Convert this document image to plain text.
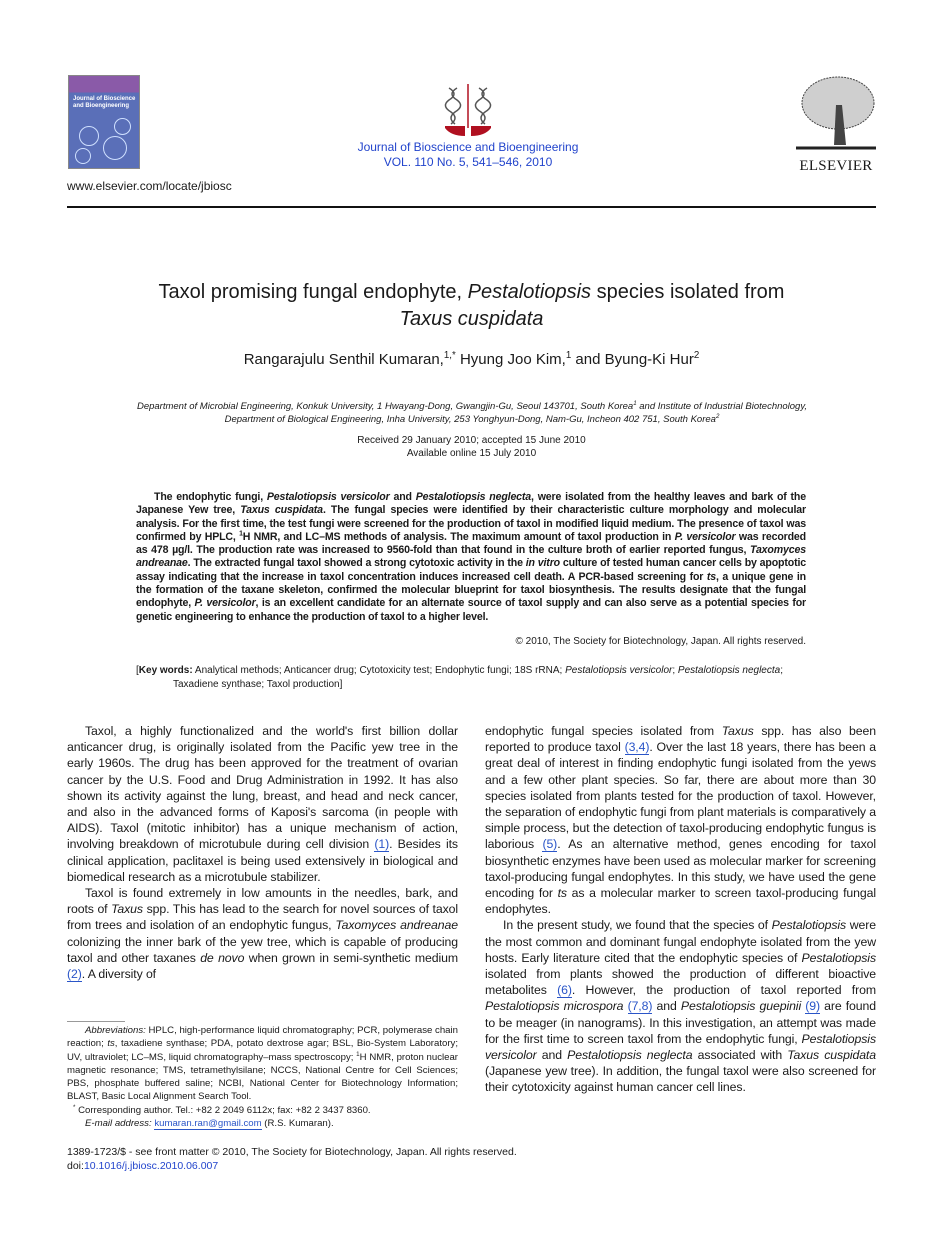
Journal of Bioscience and Bioengineering
Journal of Bioscience and Bioengineering
VOL. 110 No. 5, 541–546, 2010	ELSEVIER
www.elsevier.com/locate/jbiosc
Taxol promising fungal endophyte, Pestalotiopsis species isolated from
Taxus cuspidata
Rangarajulu Senthil Kumaran,$^{1,*}$ Hyung Joo Kim,$^1$ and Byung-Ki Hur$^2$
Department of Microbial Engineering, Konkuk University, 1 Hwayang-Dong, Gwangjin-Gu, Seoul 143701, South Korea$^1$ and Institute of Industrial Biotechnology, Department of Biological Engineering, Inha University, 253 Yonghyun-Dong, Nam-Gu, Incheon 402 751, South Korea$^2$
Received 29 January 2010; accepted 15 June 2010
Available online 15 July 2010
The endophytic fungi, Pestalotiopsis versicolor and Pestalotiopsis neglecta, were isolated from the healthy leaves and bark of the Japanese Yew tree, Taxus cuspidata. The fungal species were identified by their characteristic culture morphology and molecular analysis. For the first time, the test fungi were screened for the production of taxol in modified liquid medium. The presence of taxol was confirmed by HPLC, $^1$H NMR, and LC–MS methods of analysis. The maximum amount of taxol production in P. versicolor was recorded as 478 µg/l. The production rate was increased to 9560-fold than that found in the culture broth of earlier reported fungus, Taxomyces andreanae. The extracted fungal taxol showed a strong cytotoxic activity in the in vitro culture of tested human cancer cells by apoptotic assay indicating that the increase in taxol concentration induces increased cell death. A PCR-based screening for ts, a unique gene in the formation of the taxane skeleton, confirmed the molecular blueprint for taxol biosynthesis. The results designate that the fungal endophyte, P. versicolor, is an excellent candidate for an alternate source of taxol supply and can also serve as a potential species for genetic engineering to enhance the production of taxol to a higher level.
© 2010, The Society for Biotechnology, Japan. All rights reserved.
[Key words: Analytical methods; Anticancer drug; Cytotoxicity test; Endophytic fungi; 18S rRNA; Pestalotiopsis versicolor; Pestalotiopsis neglecta; Taxadiene synthase; Taxol production]

Taxol, a highly functionalized and the world's first billion dollar anticancer drug, is originally isolated from the Pacific yew tree in the early 1960s. The drug has been approved for the treatment of ovarian cancer by the U.S. Food and Drug Administration in 1992. It has also shown its activity against the lung, breast, and head and neck cancer, and also in the advanced forms of Kaposi's sarcoma (in people with AIDS). Taxol (mitotic inhibitor) has a unique mechanism of action, involving breakdown of microtubule during cell division (1). Besides its clinical application, paclitaxel is being used extensively in biological and biomedical research as a microtubule stabilizer.

Taxol is found extremely in low amounts in the needles, bark, and roots of Taxus spp. This has lead to the search for novel sources of taxol from trees and isolation of an endophytic fungus, Taxomyces andreanae colonizing the inner bark of the yew tree, which is capable of producing taxol and other taxanes de novo when grown in semi-synthetic medium (2). A diversity of

endophytic fungal species isolated from Taxus spp. has also been reported to produce taxol (3,4). Over the last 18 years, there has been a great deal of interest in finding endophytic fungi isolated from the yews and a few other plant species. So far, there are about more than 30 species isolated from plants tested for the production of taxol. However, the separation of endophytic fungi from plant materials is comparatively a simple process, but the detection of taxol-producing endophytic fungus is laborious (5). As an alternative method, genes encoding for taxol biosynthetic enzymes have been used as molecular marker for screening taxol-producing fungal endophytes. In this study, we have used the gene encoding for ts as a molecular marker to screen taxol-producing fungal endophytes.

In the present study, we found that the species of Pestalotiopsis were the most common and dominant fungal endophyte isolated from the yew hosts. Early literature cited that the endophytic species of Pestalotiopsis isolated from plants showed the production of different bioactive metabolites (6). However, the production of taxol reported from Pestalotiopsis microspora (7,8) and Pestalotiopsis guepinii (9) are found to be meager (in nanograms). In this investigation, an attempt was made for the first time to screen taxol from the endophytic fungi, Pestalotiopsis versicolor and Pestalotiopsis neglecta associated with Taxus cuspidata (Japanese yew tree). In addition, the fungal taxol were also screened for their cytotoxicity against human cancer cell lines.

Abbreviations: HPLC, high-performance liquid chromatography; PCR, polymerase chain reaction; ts, taxadiene synthase; PDA, potato dextrose agar; BSL, Bio-System Laboratory; UV, ultraviolet; LC–MS, liquid chromatography–mass spectroscopy; $^1$H NMR, proton nuclear magnetic resonance; TMS, tetramethylsilane; NCCS, National Centre for Cell Sciences; PBS, phosphate buffered saline; NCBI, National Center for Biotechnology Information; BLAST, Basic Local Alignment Search Tool.

* Corresponding author. Tel.: +82 2 2049 6112x; fax: +82 2 3437 8360.

E-mail address: kumaran.ran@gmail.com (R.S. Kumaran).

1389-1723/$ - see front matter © 2010, The Society for Biotechnology, Japan. All rights reserved.
doi:10.1016/j.jbiosc.2010.06.007
